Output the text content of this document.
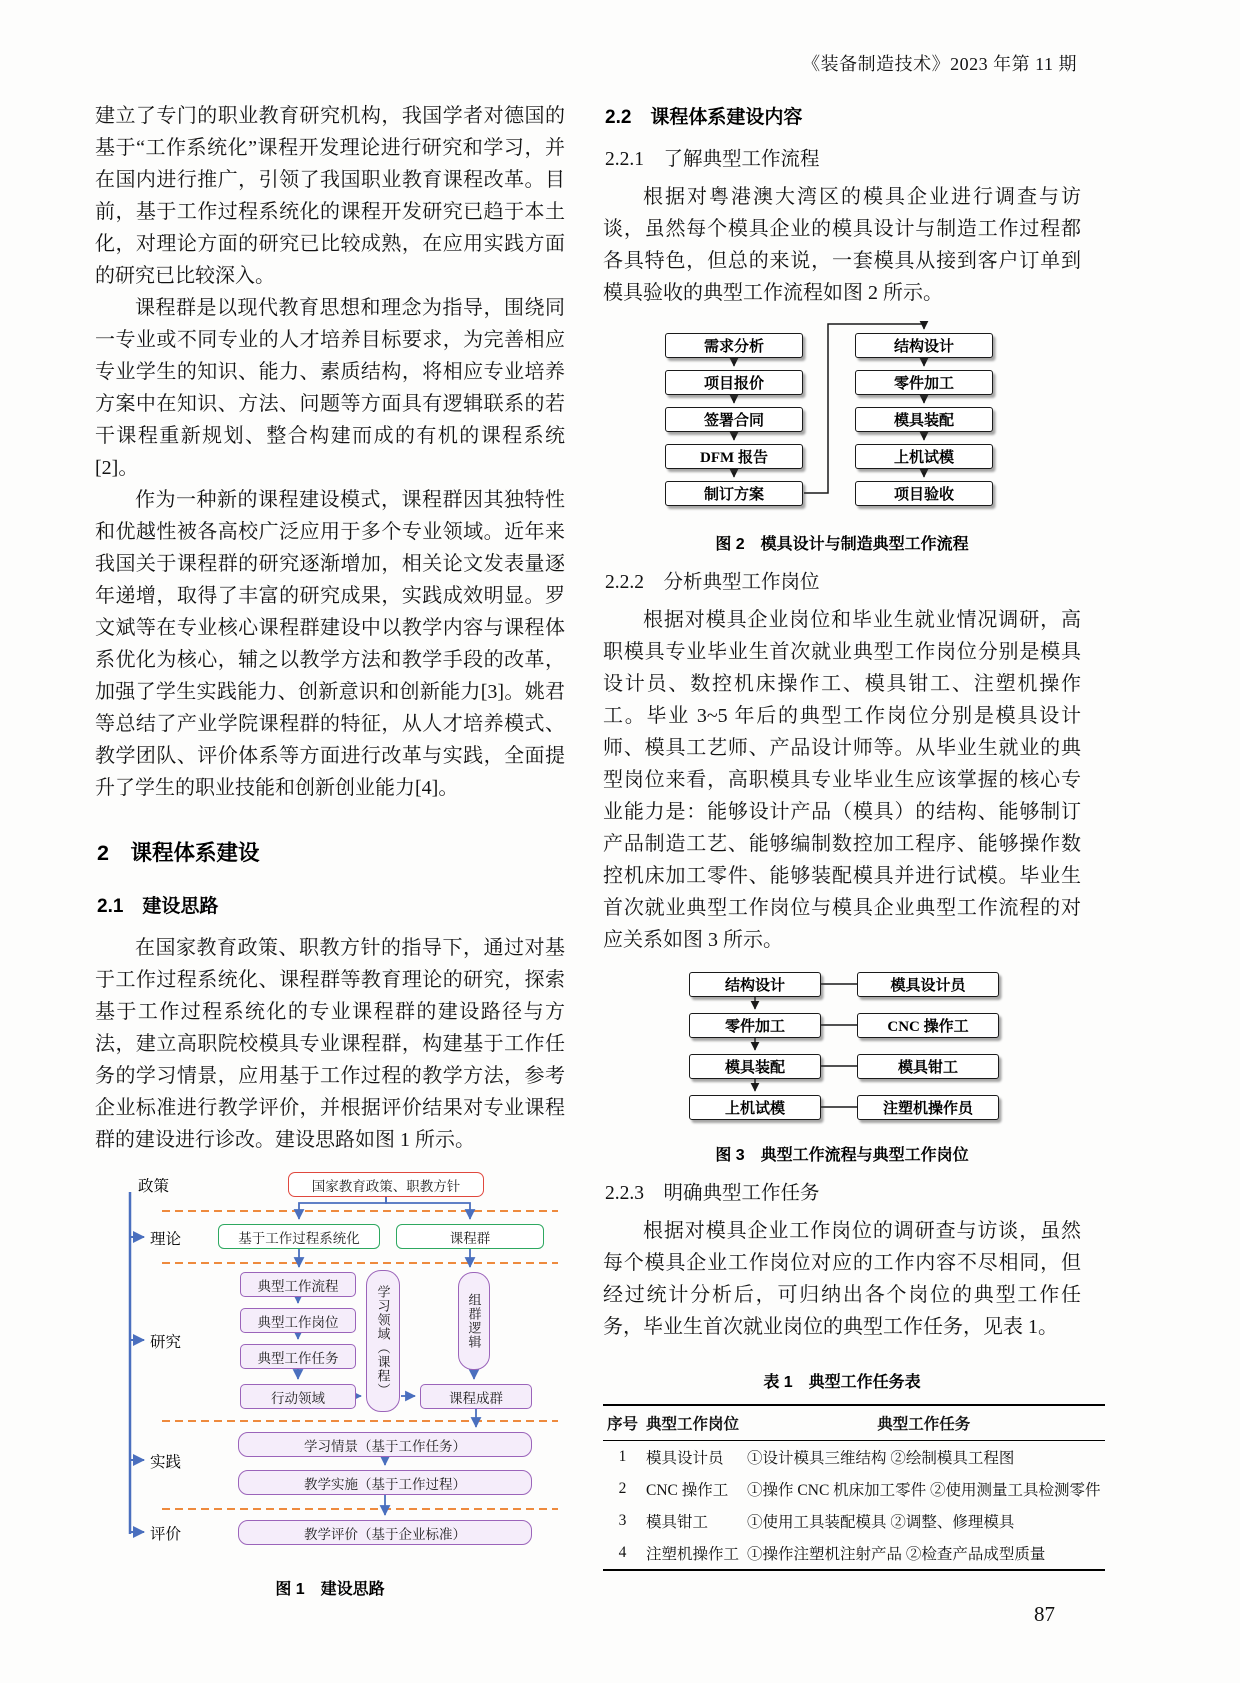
《装备制造技术》2023 年第 11 期

建立了专门的职业教育研究机构，我国学者对德国的基于“工作系统化”课程开发理论进行研究和学习，并在国内进行推广，引领了我国职业教育课程改革。目前，基于工作过程系统化的课程开发研究已趋于本土化，对理论方面的研究已比较成熟，在应用实践方面的研究已比较深入。

课程群是以现代教育思想和理念为指导，围绕同一专业或不同专业的人才培养目标要求，为完善相应专业学生的知识、能力、素质结构，将相应专业培养方案中在知识、方法、问题等方面具有逻辑联系的若干课程重新规划、整合构建而成的有机的课程系统[2]。

作为一种新的课程建设模式，课程群因其独特性和优越性被各高校广泛应用于多个专业领域。近年来我国关于课程群的研究逐渐增加，相关论文发表量逐年递增，取得了丰富的研究成果，实践成效明显。罗文斌等在专业核心课程群建设中以教学内容与课程体系优化为核心，辅之以教学方法和教学手段的改革，加强了学生实践能力、创新意识和创新能力[3]。姚君等总结了产业学院课程群的特征，从人才培养模式、教学团队、评价体系等方面进行改革与实践，全面提升了学生的职业技能和创新创业能力[4]。

2　课程体系建设
2.1　建设思路

在国家教育政策、职教方针的指导下，通过对基于工作过程系统化、课程群等教育理论的研究，探索基于工作过程系统化的专业课程群的建设路径与方法，建立高职院校模具专业课程群，构建基于工作任务的学习情景，应用基于工作过程的教学方法，参考企业标准进行教学评价，并根据评价结果对专业课程群的建设进行诊改。建设思路如图 1 所示。

政策
理论
研究
实践
评价
国家教育政策、职教方针
基于工作过程系统化	课程群
典型工作流程
典型工作岗位
典型工作任务
行动领域
学习领域（课程）	组群逻辑
课程成群
学习情景（基于工作任务）
教学实施（基于工作过程）
教学评价（基于企业标准）
图 1　建设思路
2.2　课程体系建设内容
2.2.1　了解典型工作流程

根据对粤港澳大湾区的模具企业进行调查与访谈，虽然每个模具企业的模具设计与制造工作过程都各具特色，但总的来说，一套模具从接到客户订单到模具验收的典型工作流程如图 2 所示。

需求分析
项目报价
签署合同
DFM 报告
制订方案
结构设计
零件加工
模具装配
上机试模
项目验收
图 2　模具设计与制造典型工作流程
2.2.2　分析典型工作岗位

根据对模具企业岗位和毕业生就业情况调研，高职模具专业毕业生首次就业典型工作岗位分别是模具设计员、数控机床操作工、模具钳工、注塑机操作工。毕业 3~5 年后的典型工作岗位分别是模具设计师、模具工艺师、产品设计师等。从毕业生就业的典型岗位来看，高职模具专业毕业生应该掌握的核心专业能力是：能够设计产品（模具）的结构、能够制订产品制造工艺、能够编制数控加工程序、能够操作数控机床加工零件、能够装配模具并进行试模。毕业生首次就业典型工作岗位与模具企业典型工作流程的对应关系如图 3 所示。

结构设计
零件加工
模具装配
上机试模
模具设计员
CNC 操作工
模具钳工
注塑机操作员
图 3　典型工作流程与典型工作岗位
2.2.3　明确典型工作任务

根据对模具企业工作岗位的调研查与访谈，虽然每个模具企业工作岗位对应的工作内容不尽相同，但经过统计分析后，可归纳出各个岗位的典型工作任务，毕业生首次就业岗位的典型工作任务，见表 1。

表 1　典型工作任务表
序号	典型工作岗位	典型工作任务
1	模具设计员	①设计模具三维结构 ②绘制模具工程图
2	CNC 操作工	①操作 CNC 机床加工零件 ②使用测量工具检测零件
3	模具钳工	①使用工具装配模具 ②调整、修理模具
4	注塑机操作工	①操作注塑机注射产品 ②检查产品成型质量
87
